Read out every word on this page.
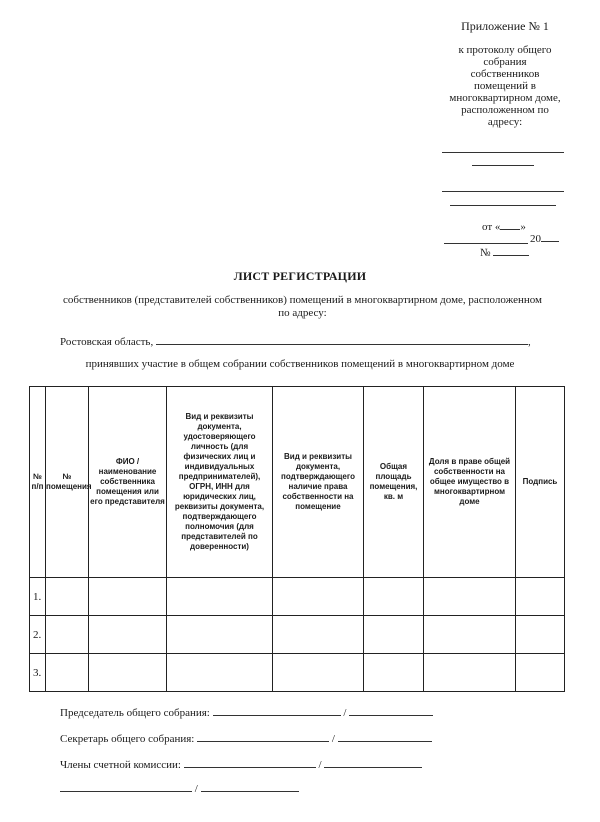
Приложение № 1
к протоколу общего
собрания
собственников
помещений в
многоквартирном доме,
расположенном по
адресу:
от « »
20
№
ЛИСТ РЕГИСТРАЦИИ
собственников (представителей собственников) помещений в многоквартирном доме, расположенном
по адресу:
Ростовская область,	,
принявших участие в общем собрании собственников помещений в многоквартирном доме
№ п/п	№ помещения	ФИО / наименование собственника помещения или его представителя	Вид и реквизиты документа, удостоверяющего личность (для физических лиц и индивидуальных предпринимателей), ОГРН, ИНН для юридических лиц, реквизиты документа, подтверждающего полномочия (для представителей по доверенности)	Вид и реквизиты документа, подтверждающего наличие права собственности на помещение	Общая площадь помещения, кв. м	Доля в праве общей собственности на общее имущество в многоквартирном доме	Подпись
1.							
2.							
3.							
Председатель общего собрания:	/
Секретарь общего собрания:	/
Члены счетной комиссии:	/
/
